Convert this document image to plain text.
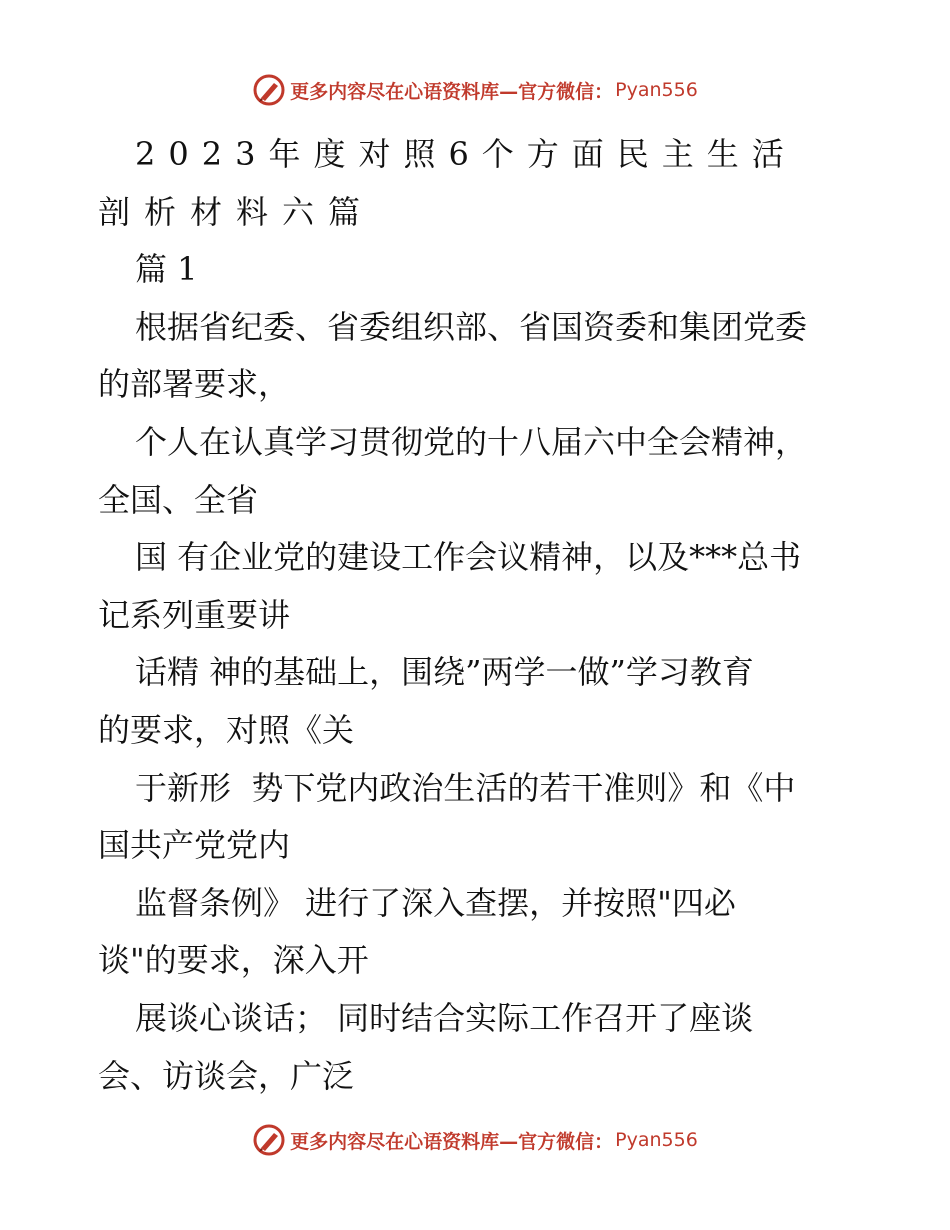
更多内容尽在心语资料库—官方微信： Pyan556
2023年度对照6个方面民主生活
剖析材料六篇
篇 1
根据省纪委、省委组织部、省国资委和集团党委
的部署要求，
个人在认真学习贯彻党的十八届六中全会精神，
全国、全省
国 有企业党的建设工作会议精神，以及***总书
记系列重要讲
话精 神的基础上，围绕”两学一做”学习教育
的要求，对照《关
于新形  势下党内政治生活的若干准则》和《中
国共产党党内
监督条例》 进行了深入查摆，并按照"四必
谈"的要求，深入开
展谈心谈话； 同时结合实际工作召开了座谈
会、访谈会，广泛
更多内容尽在心语资料库—官方微信： Pyan556
